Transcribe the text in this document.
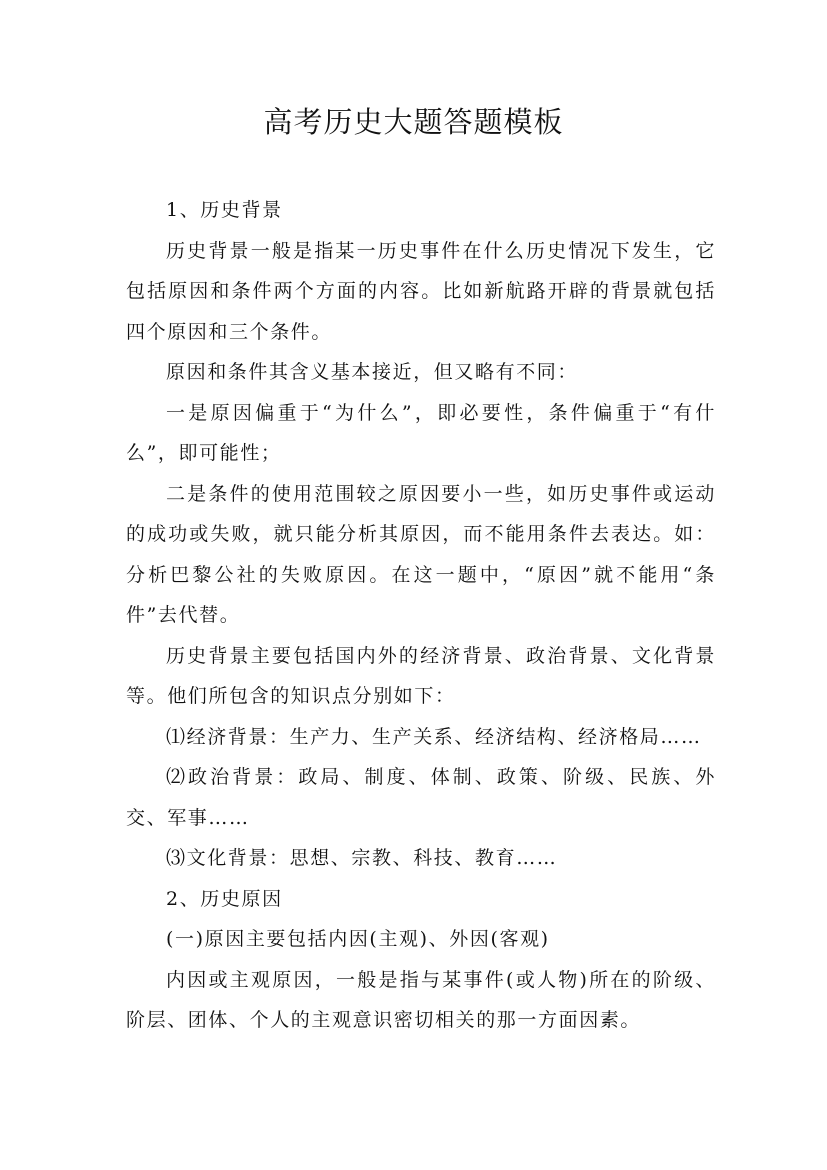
高考历史大题答题模板

1、历史背景

历史背景一般是指某一历史事件在什么历史情况下发生，它包括原因和条件两个方面的内容。比如新航路开辟的背景就包括四个原因和三个条件。

原因和条件其含义基本接近，但又略有不同：

一是原因偏重于“为什么”，即必要性，条件偏重于“有什么”，即可能性；

二是条件的使用范围较之原因要小一些，如历史事件或运动的成功或失败，就只能分析其原因，而不能用条件去表达。如：分析巴黎公社的失败原因。在这一题中，“原因”就不能用“条件”去代替。

历史背景主要包括国内外的经济背景、政治背景、文化背景等。他们所包含的知识点分别如下：

⑴经济背景：生产力、生产关系、经济结构、经济格局……

⑵政治背景：政局、制度、体制、政策、阶级、民族、外交、军事……

⑶文化背景：思想、宗教、科技、教育……

2、历史原因

(一)原因主要包括内因(主观)、外因(客观)

内因或主观原因，一般是指与某事件(或人物)所在的阶级、阶层、团体、个人的主观意识密切相关的那一方面因素。
